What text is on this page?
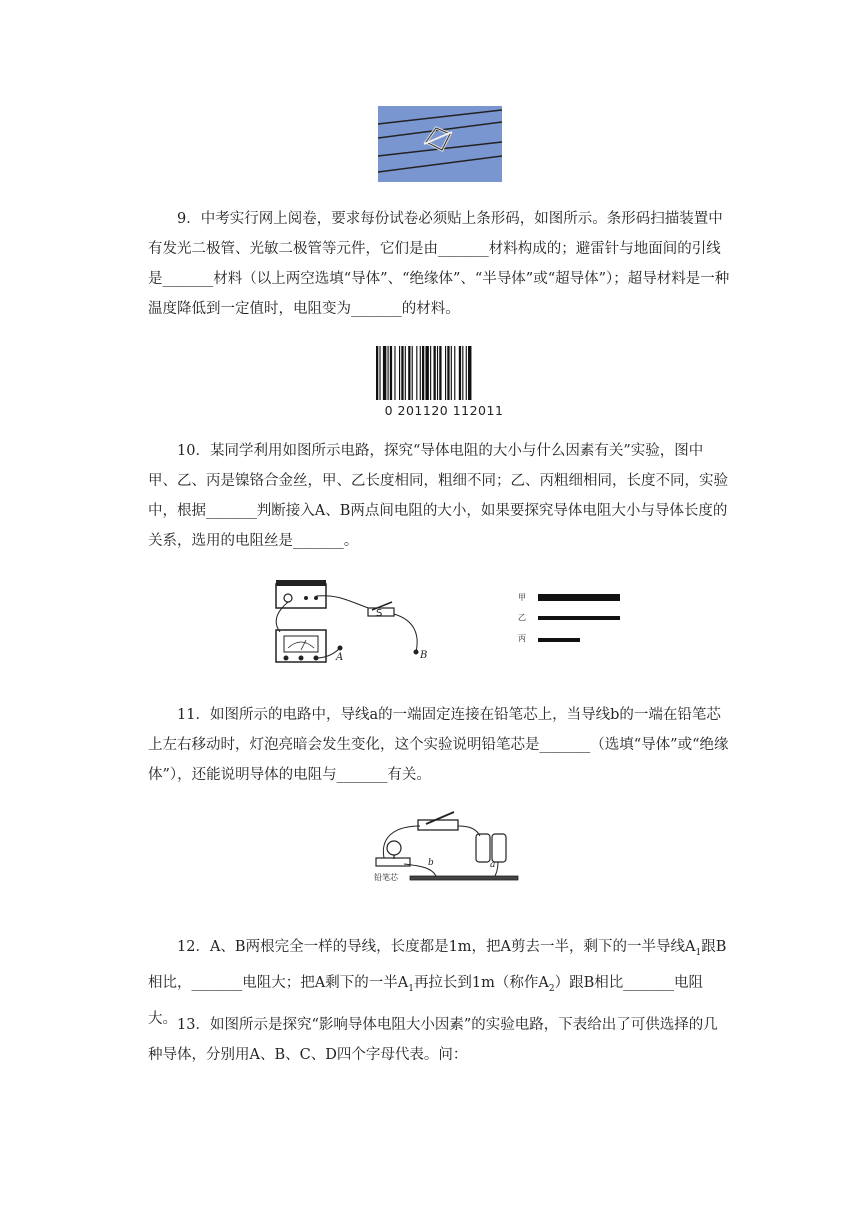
9．中考实行网上阅卷，要求每份试卷必须贴上条形码，如图所示。条形码扫描装置中有发光二极管、光敏二极管等元件，它们是由_______材料构成的；避雷针与地面间的引线是_______材料（以上两空选填“导体”、“绝缘体”、“半导体”或“超导体”）；超导材料是一种温度降低到一定值时，电阻变为_______的材料。

0 201120 112011

10．某同学利用如图所示电路，探究“导体电阻的大小与什么因素有关”实验，图中甲、乙、丙是镍铬合金丝，甲、乙长度相同，粗细不同；乙、丙粗细相同，长度不同，实验中，根据_______判断接入A、B两点间电阻的大小，如果要探究导体电阻大小与导体长度的关系，选用的电阻丝是_______。

S
A	B
甲
乙
丙

11．如图所示的电路中，导线a的一端固定连接在铅笔芯上，当导线b的一端在铅笔芯上左右移动时，灯泡亮暗会发生变化，这个实验说明铅笔芯是_______（选填“导体”或“绝缘体”），还能说明导体的电阻与_______有关。

b	a
铅笔芯

12．A、B两根完全一样的导线，长度都是1m，把A剪去一半，剩下的一半导线$A_1$跟B相比，_______电阻大；把A剩下的一半$A_1$再拉长到1m（称作$A_2$）跟B相比_______电阻大。 13．如图所示是探究“影响导体电阻大小因素”的实验电路，下表给出了可供选择的几种导体，分别用A、B、C、D四个字母代表。问：
